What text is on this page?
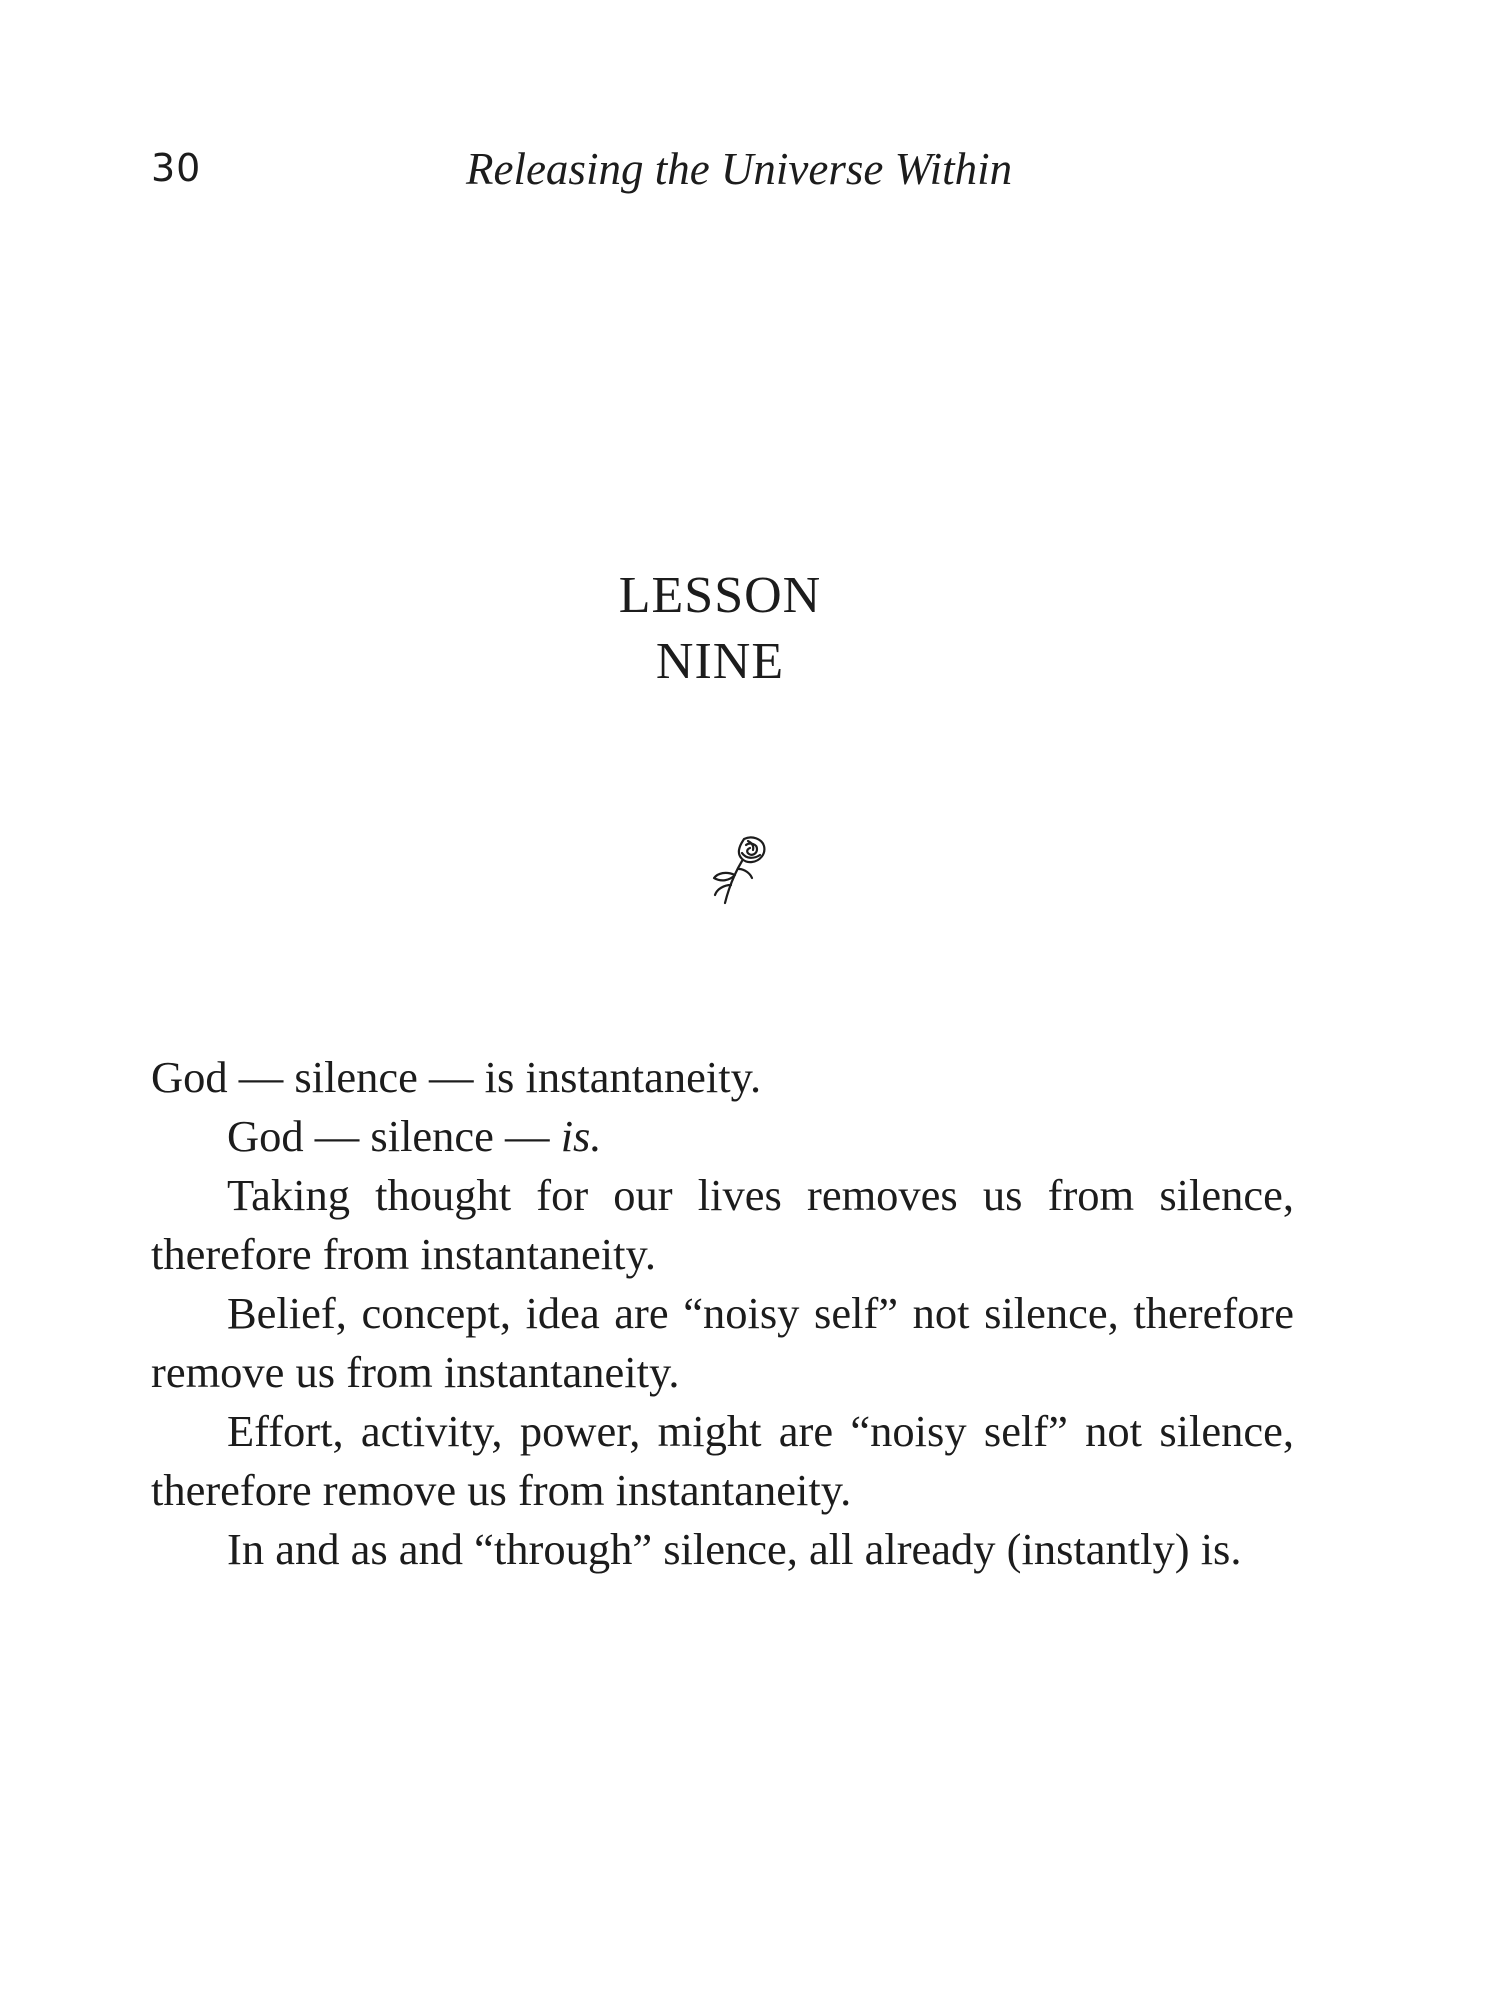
30	Releasing the Universe Within
LESSON
NINE

God — silence — is instantaneity.

God — silence — is.

Taking thought for our lives removes us from silence, therefore from instantaneity.

Belief, concept, idea are “noisy self” not silence, therefore remove us from instantaneity.

Effort, activity, power, might are “noisy self” not silence, therefore remove us from instantaneity.

In and as and “through” silence, all already (instantly) is.
